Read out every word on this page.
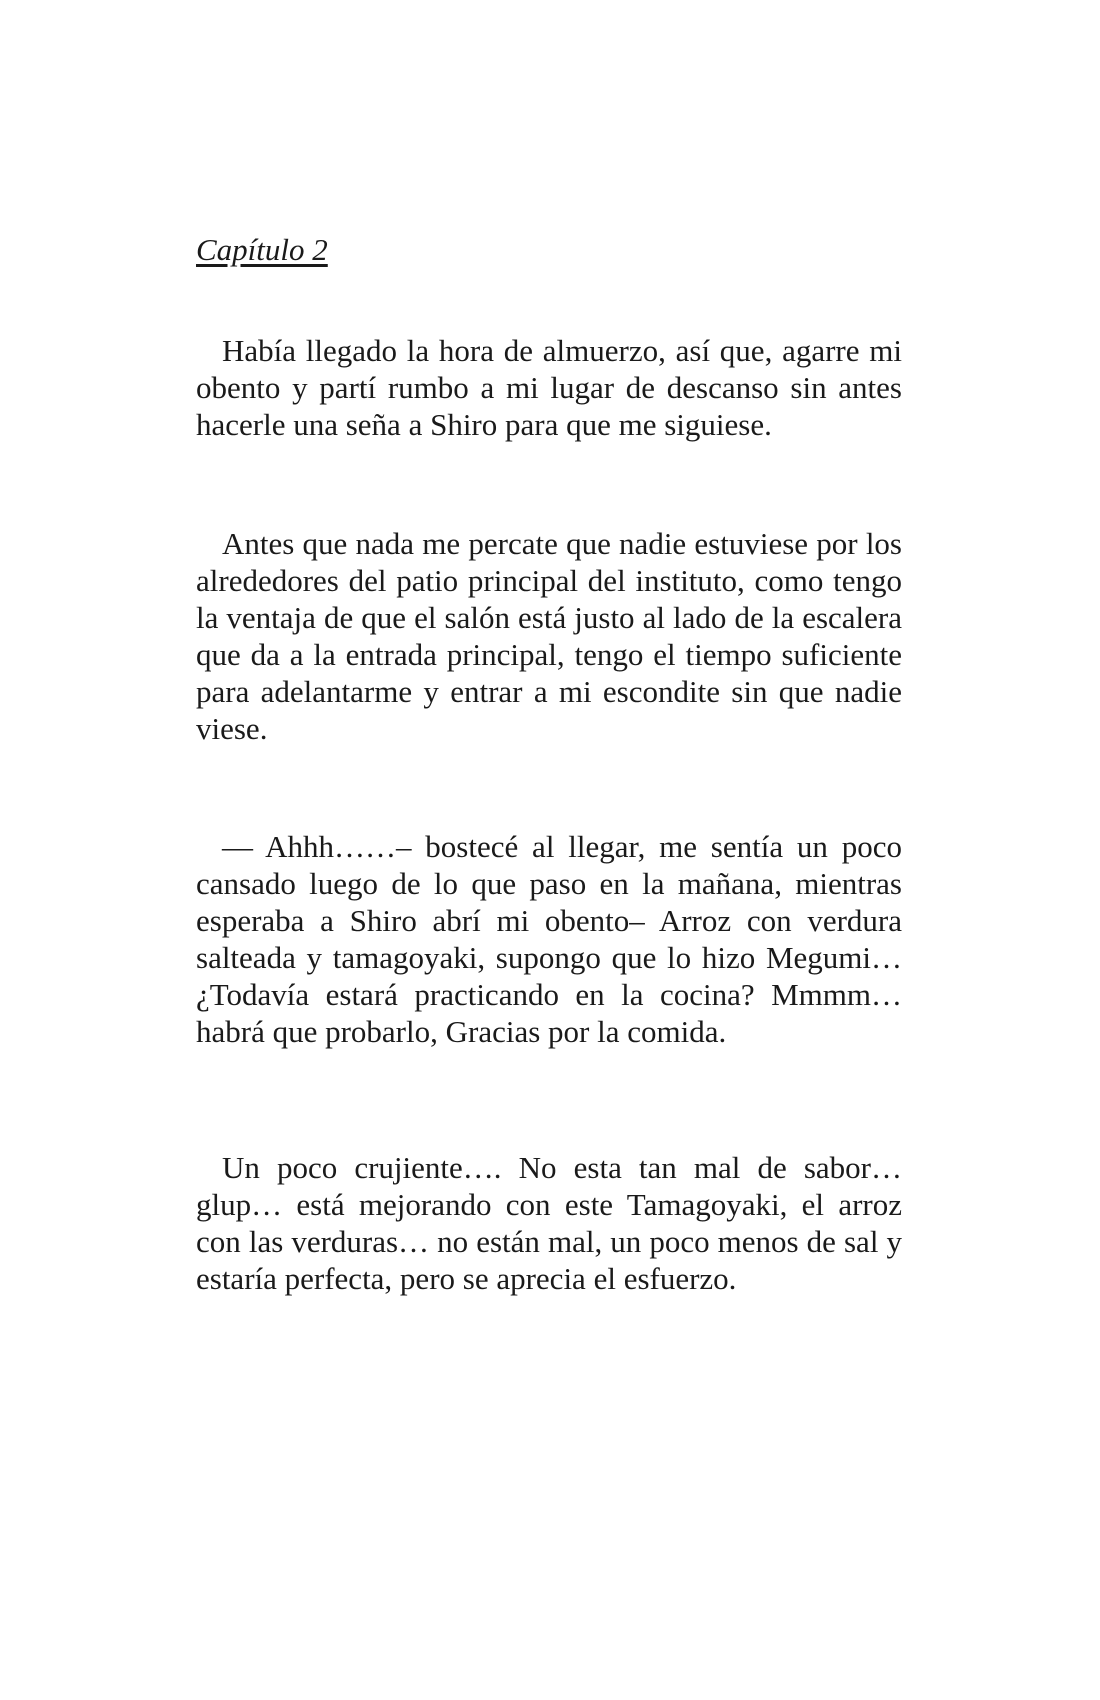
Capítulo 2

Había llegado la hora de almuerzo, así que, agarre mi obento y partí rumbo a mi lugar de descanso sin antes hacerle una seña a Shiro para que me siguiese.

Antes que nada me percate que nadie estuviese por los alrededores del patio principal del instituto, como tengo la ventaja de que el salón está justo al lado de la escalera que da a la entrada principal, tengo el tiempo suficiente para adelantarme y entrar a mi escondite sin que nadie viese.

— Ahhh……– bostecé al llegar, me sentía un poco cansado luego de lo que paso en la mañana, mientras esperaba a Shiro abrí mi obento– Arroz con verdura salteada y tamagoyaki, supongo que lo hizo Megumi… ¿Todavía estará practicando en la cocina? Mmmm… habrá que probarlo, Gracias por la comida.

Un poco crujiente…. No esta tan mal de sabor… glup… está mejorando con este Tamagoyaki, el arroz con las verduras… no están mal, un poco menos de sal y estaría perfecta, pero se aprecia el esfuerzo.
